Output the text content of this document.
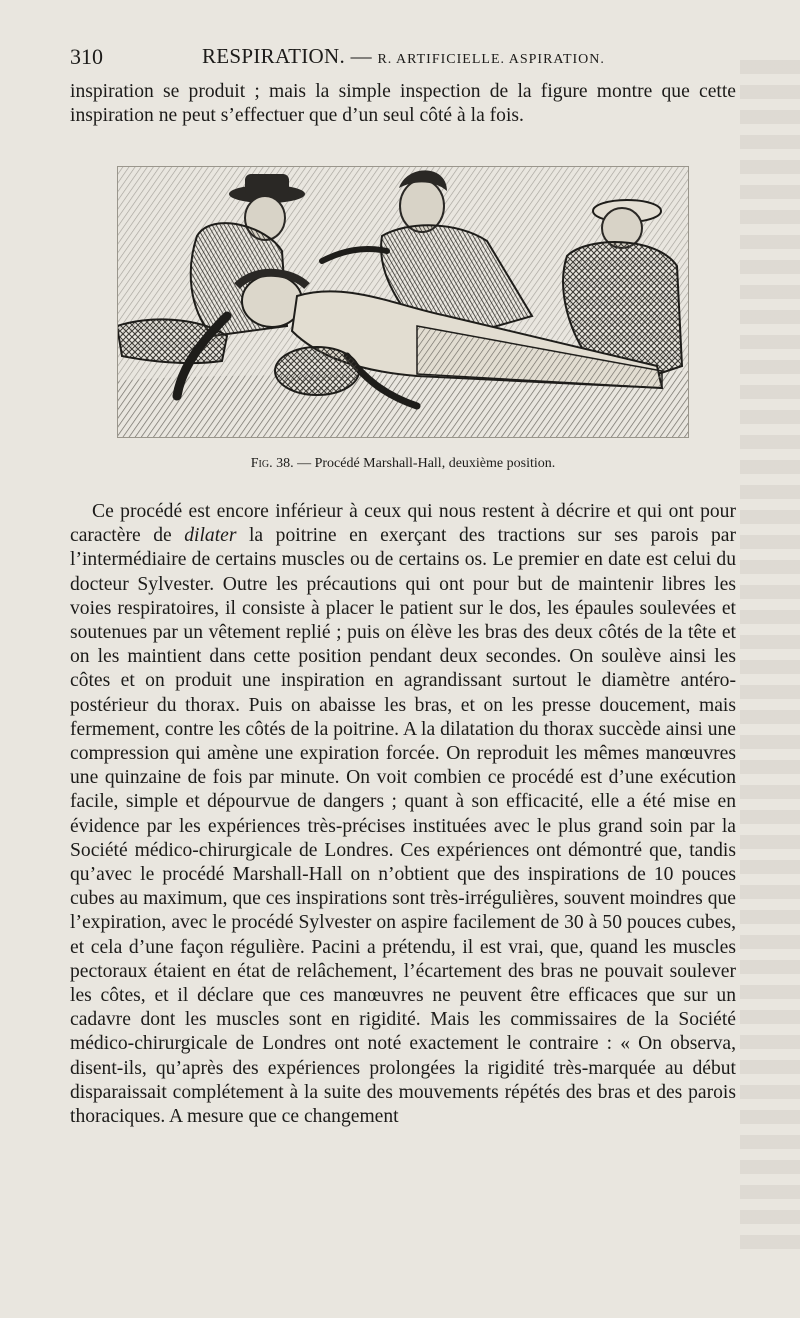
310	RESPIRATION. — R. ARTIFICIELLE. ASPIRATION.

inspiration se produit ; mais la simple inspection de la figure montre que cette inspiration ne peut s’effectuer que d’un seul côté à la fois.

Fig. 38. — Procédé Marshall-Hall, deuxième position.

Ce procédé est encore inférieur à ceux qui nous restent à décrire et qui ont pour caractère de dilater la poitrine en exerçant des tractions sur ses parois par l’intermédiaire de certains muscles ou de certains os. Le premier en date est celui du docteur Sylvester. Outre les précautions qui ont pour but de maintenir libres les voies respiratoires, il consiste à placer le patient sur le dos, les épaules soulevées et soutenues par un vêtement replié ; puis on élève les bras des deux côtés de la tête et on les maintient dans cette position pendant deux secondes. On soulève ainsi les côtes et on produit une inspiration en agrandissant surtout le diamètre antéro-postérieur du thorax. Puis on abaisse les bras, et on les presse doucement, mais fermement, contre les côtés de la poitrine. A la dilatation du thorax succède ainsi une compression qui amène une expiration forcée. On reproduit les mêmes manœuvres une quinzaine de fois par minute. On voit combien ce procédé est d’une exécution facile, simple et dépourvue de dangers ; quant à son efficacité, elle a été mise en évidence par les expériences très-précises instituées avec le plus grand soin par la Société médico-chirurgicale de Londres. Ces expériences ont démontré que, tandis qu’avec le procédé Marshall-Hall on n’obtient que des inspirations de 10 pouces cubes au maximum, que ces inspirations sont très-irrégulières, souvent moindres que l’expiration, avec le procédé Sylvester on aspire facilement de 30 à 50 pouces cubes, et cela d’une façon régulière. Pacini a prétendu, il est vrai, que, quand les muscles pectoraux étaient en état de relâchement, l’écartement des bras ne pouvait soulever les côtes, et il déclare que ces manœuvres ne peuvent être efficaces que sur un cadavre dont les muscles sont en rigidité. Mais les commissaires de la Société médico-chirurgicale de Londres ont noté exactement le contraire : « On observa, disent-ils, qu’après des expériences prolongées la rigidité très-marquée au début disparaissait complétement à la suite des mouvements répétés des bras et des parois thoraciques. A mesure que ce changement
